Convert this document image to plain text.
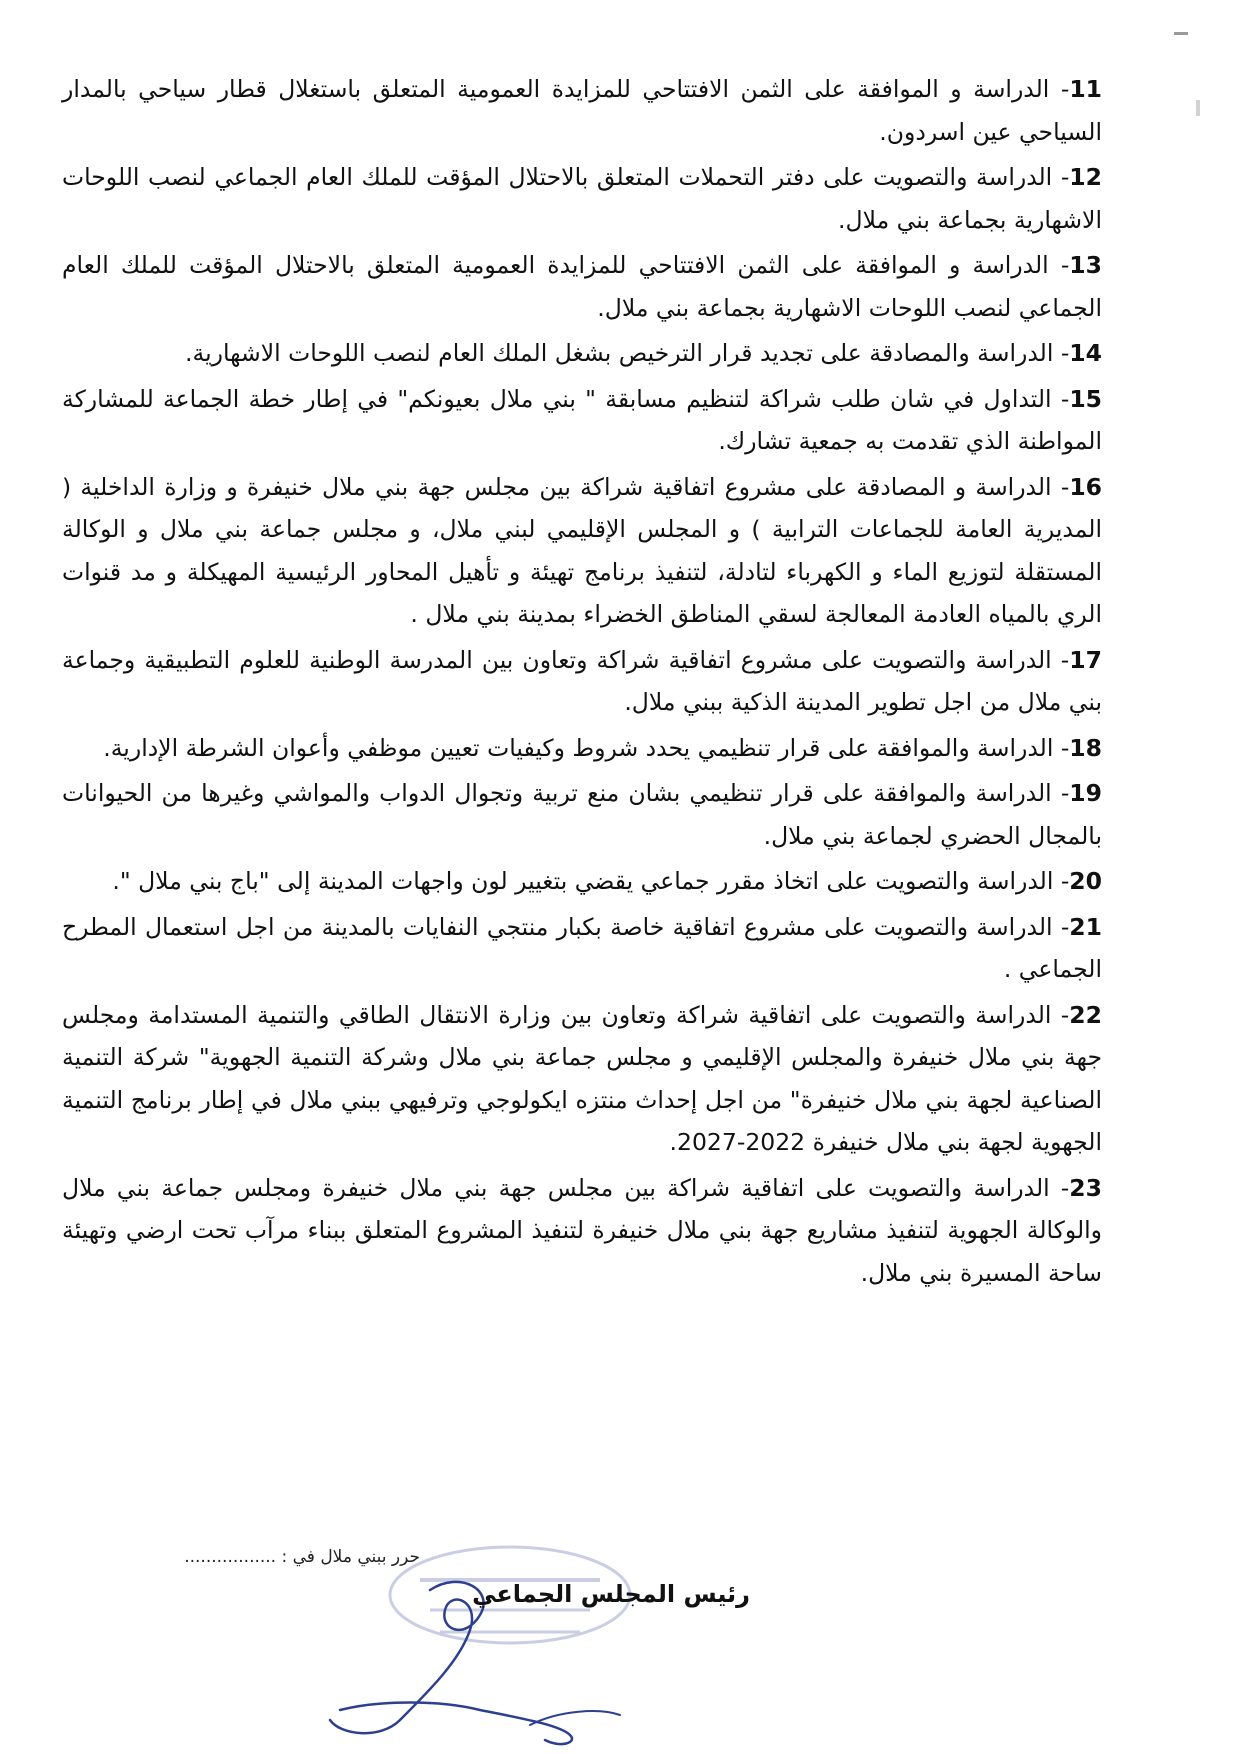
11- الدراسة و الموافقة على الثمن الافتتاحي للمزايدة العمومية المتعلق باستغلال قطار سياحي بالمدار السياحي عين اسردون.

12- الدراسة والتصويت على دفتر التحملات المتعلق بالاحتلال المؤقت للملك العام الجماعي لنصب اللوحات الاشهارية بجماعة بني ملال.

13- الدراسة و الموافقة على الثمن الافتتاحي للمزايدة العمومية المتعلق بالاحتلال المؤقت للملك العام الجماعي لنصب اللوحات الاشهارية بجماعة بني ملال.

14- الدراسة والمصادقة على تجديد قرار الترخيص بشغل الملك العام لنصب اللوحات الاشهارية.

15- التداول في شان طلب شراكة لتنظيم مسابقة " بني ملال بعيونكم" في إطار خطة الجماعة للمشاركة المواطنة الذي تقدمت به جمعية تشارك.

16- الدراسة و المصادقة على مشروع اتفاقية شراكة بين مجلس جهة بني ملال خنيفرة و وزارة الداخلية ( المديرية العامة للجماعات الترابية ) و المجلس الإقليمي لبني ملال، و مجلس جماعة بني ملال و الوكالة المستقلة لتوزيع الماء و الكهرباء لتادلة، لتنفيذ برنامج تهيئة و تأهيل المحاور الرئيسية المهيكلة و مد قنوات الري بالمياه العادمة المعالجة لسقي المناطق الخضراء بمدينة بني ملال .

17- الدراسة والتصويت على مشروع اتفاقية شراكة وتعاون بين المدرسة الوطنية للعلوم التطبيقية وجماعة بني ملال من اجل تطوير المدينة الذكية ببني ملال.

18- الدراسة والموافقة على قرار تنظيمي يحدد شروط وكيفيات تعيين موظفي وأعوان الشرطة الإدارية.

19- الدراسة والموافقة على قرار تنظيمي بشان منع تربية وتجوال الدواب والمواشي وغيرها من الحيوانات بالمجال الحضري لجماعة بني ملال.

20- الدراسة والتصويت على اتخاذ مقرر جماعي يقضي بتغيير لون واجهات المدينة إلى "باج بني ملال ".

21- الدراسة والتصويت على مشروع اتفاقية خاصة بكبار منتجي النفايات بالمدينة من اجل استعمال المطرح الجماعي .

22- الدراسة والتصويت على اتفاقية شراكة وتعاون بين وزارة الانتقال الطاقي والتنمية المستدامة ومجلس جهة بني ملال خنيفرة والمجلس الإقليمي و مجلس جماعة بني ملال وشركة التنمية الجهوية" شركة التنمية الصناعية لجهة بني ملال خنيفرة" من اجل إحداث منتزه ايكولوجي وترفيهي ببني ملال في إطار برنامج التنمية الجهوية لجهة بني ملال خنيفرة 2022-2027.

23- الدراسة والتصويت على اتفاقية شراكة بين مجلس جهة بني ملال خنيفرة ومجلس جماعة بني ملال والوكالة الجهوية لتنفيذ مشاريع جهة بني ملال خنيفرة لتنفيذ المشروع المتعلق ببناء مرآب تحت ارضي وتهيئة ساحة المسيرة بني ملال.

حرر ببني ملال في : .................
رئيس المجلس الجماعي
